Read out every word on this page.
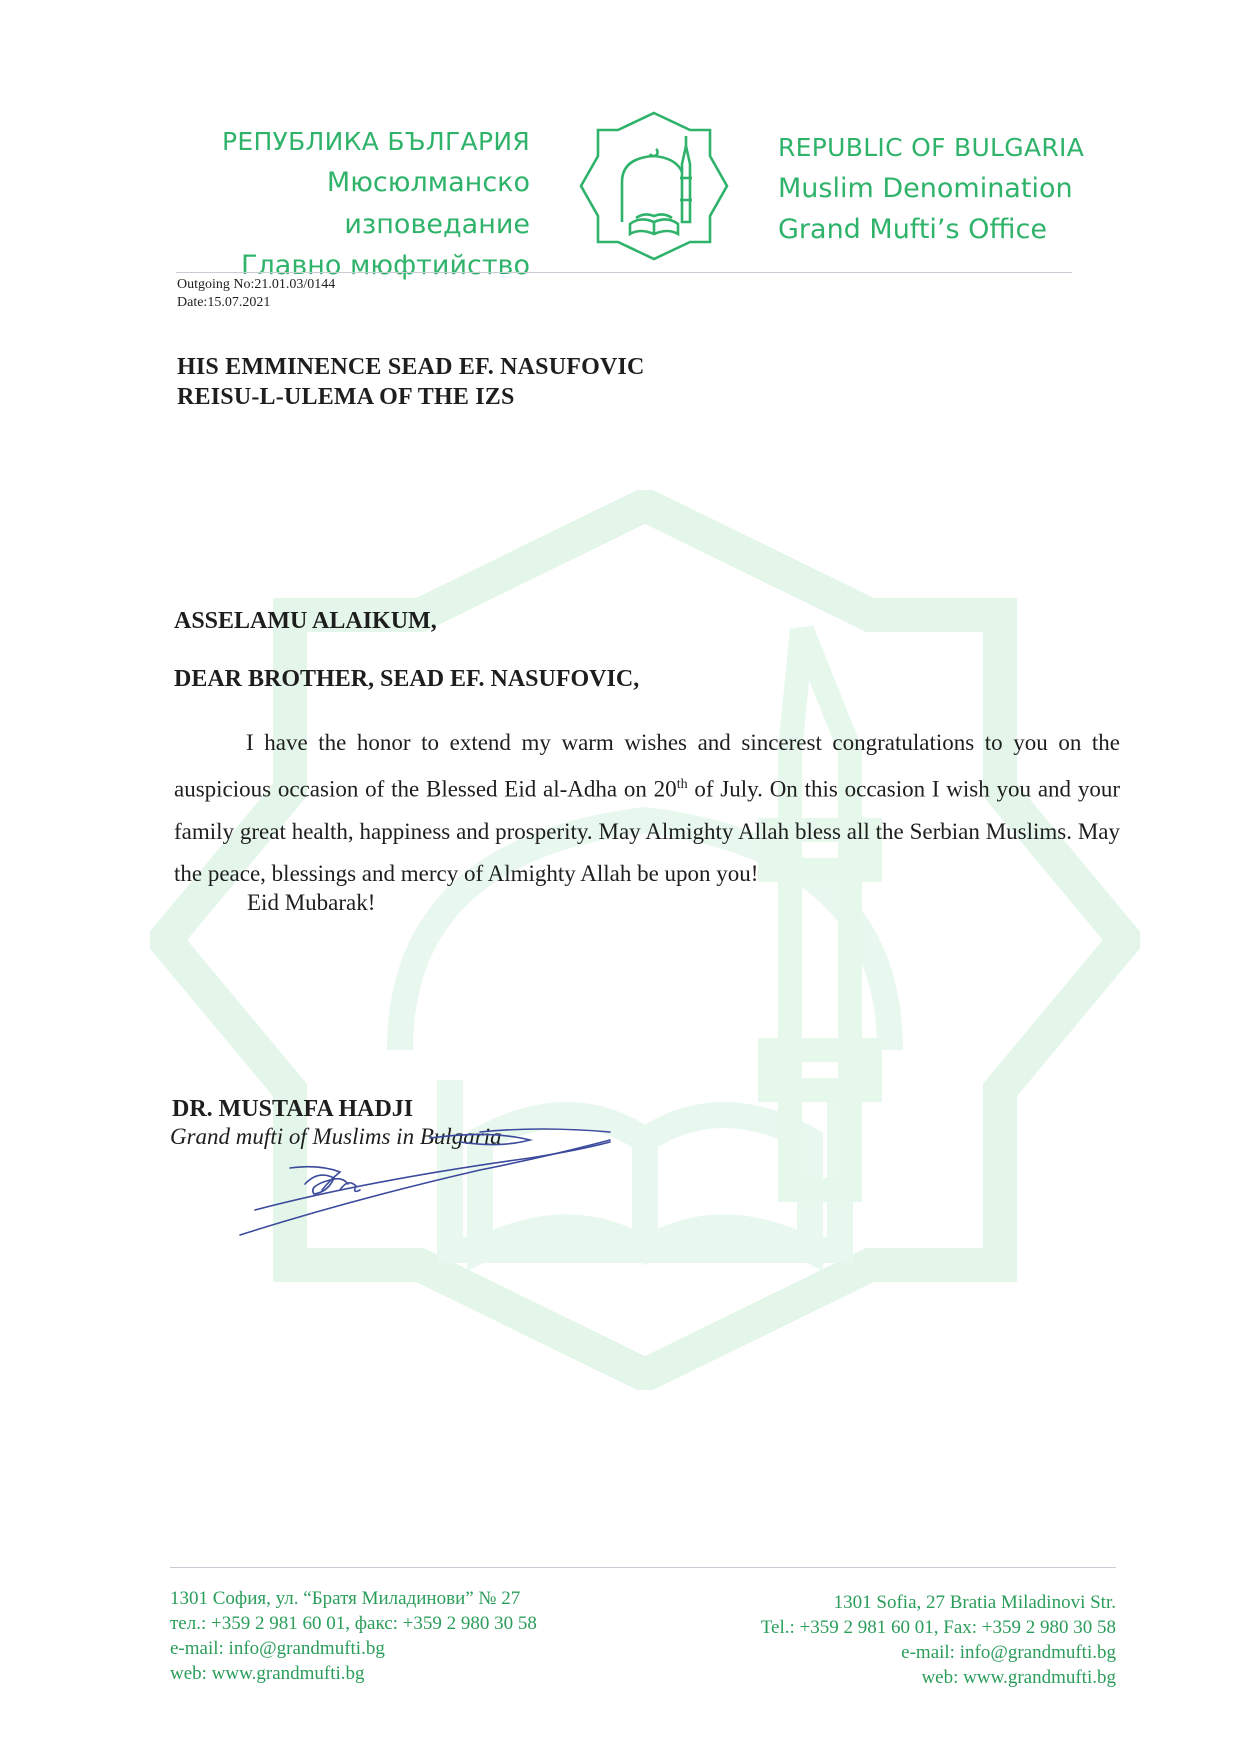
РЕПУБЛИКА БЪЛГАРИЯ
Мюсюлманско изповедание
Главно мюфтийство
REPUBLIC OF BULGARIA
Muslim Denomination
Grand Mufti’s Office
Outgoing No:21.01.03/0144
Date:15.07.2021
HIS EMMINENCE SEAD EF. NASUFOVIC
REISU-L-ULEMA OF THE IZS
ASSELAMU ALAIKUM,
DEAR BROTHER, SEAD EF. NASUFOVIC,

I have the honor to extend my warm wishes and sincerest congratulations to you on the auspicious occasion of the Blessed Eid al-Adha on 20th of July. On this occasion I wish you and your family great health, happiness and prosperity. May Almighty Allah bless all the Serbian Muslims. May the peace, blessings and mercy of Almighty Allah be upon you!

Eid Mubarak!
DR. MUSTAFA HADJI
Grand mufti of Muslims in Bulgaria
1301 София, ул. “Братя Миладинови” № 27
тел.: +359 2 981 60 01, факс: +359 2 980 30 58
e-mail: info@grandmufti.bg
web: www.grandmufti.bg
1301 Sofia, 27 Bratia Miladinovi Str.
Tel.: +359 2 981 60 01, Fax: +359 2 980 30 58
e-mail: info@grandmufti.bg
web: www.grandmufti.bg
